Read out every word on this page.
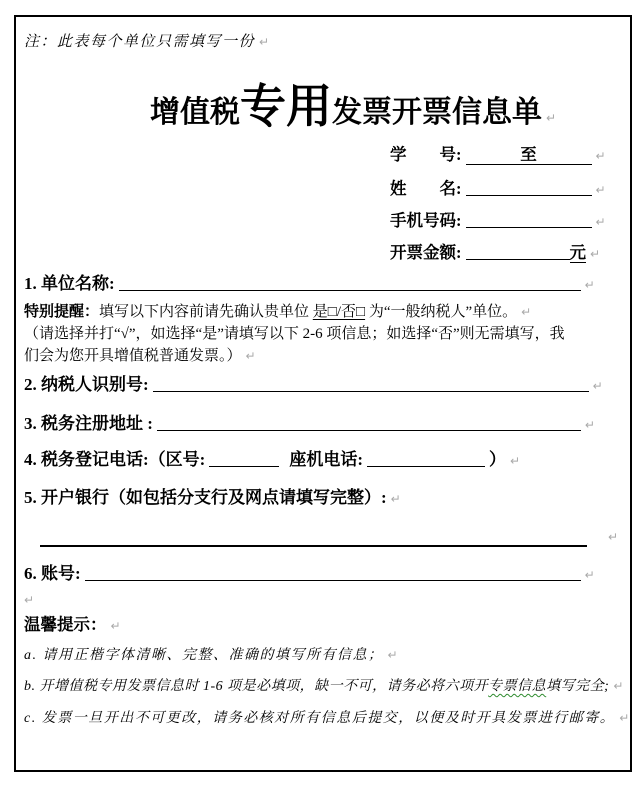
注：此表每个单位只需填写一份 ↵
增值税专用发票开票信息单 ↵
学号:	至	↵
姓名:	↵
手机号码:	↵
开票金额:	元 ↵
1. 单位名称:	↵
特别提醒：填写以下内容前请先确认贵单位 是□/否□ 为“一般纳税人”单位。 ↵
（请选择并打“√”，如选择“是”请填写以下 2-6 项信息；如选择“否”则无需填写，我
们会为您开具增值税普通发票。） ↵
2. 纳税人识别号:	↵
3. 税务注册地址 :	↵
4. 税务登记电话:（区号:	座机电话:	） ↵
5. 开户银行（如包括分支行及网点请填写完整）: ↵
↵
6. 账号:	↵
↵
温馨提示： ↵
a. 请用正楷字体清晰、完整、准确的填写所有信息； ↵
b. 开增值税专用发票信息时 1-6 项是必填项，缺一不可，请务必将六项开专票信息填写完全; ↵
c. 发票一旦开出不可更改，请务必核对所有信息后提交，以便及时开具发票进行邮寄。 ↵
